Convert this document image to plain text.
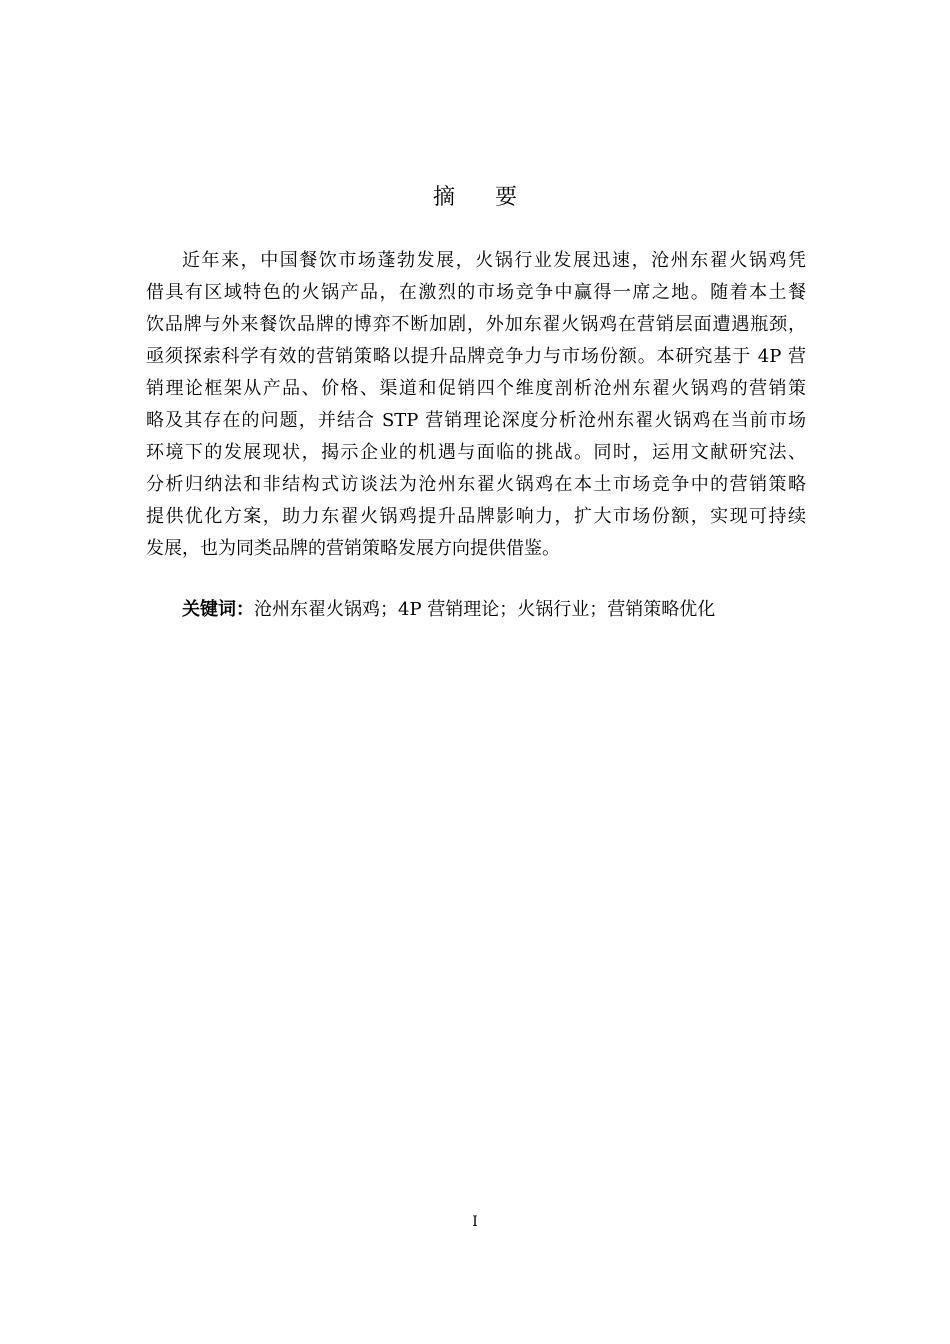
摘 要
近年来，中国餐饮市场蓬勃发展，火锅行业发展迅速，沧州东翟火锅鸡凭
借具有区域特色的火锅产品，在激烈的市场竞争中赢得一席之地。随着本土餐
饮品牌与外来餐饮品牌的博弈不断加剧，外加东翟火锅鸡在营销层面遭遇瓶颈，
亟须探索科学有效的营销策略以提升品牌竞争力与市场份额。本研究基于 4P 营
销理论框架从产品、价格、渠道和促销四个维度剖析沧州东翟火锅鸡的营销策
略及其存在的问题，并结合 STP 营销理论深度分析沧州东翟火锅鸡在当前市场
环境下的发展现状，揭示企业的机遇与面临的挑战。同时，运用文献研究法、
分析归纳法和非结构式访谈法为沧州东翟火锅鸡在本土市场竞争中的营销策略
提供优化方案，助力东翟火锅鸡提升品牌影响力，扩大市场份额，实现可持续
发展，也为同类品牌的营销策略发展方向提供借鉴。
关键词：沧州东翟火锅鸡；4P 营销理论；火锅行业；营销策略优化
I
